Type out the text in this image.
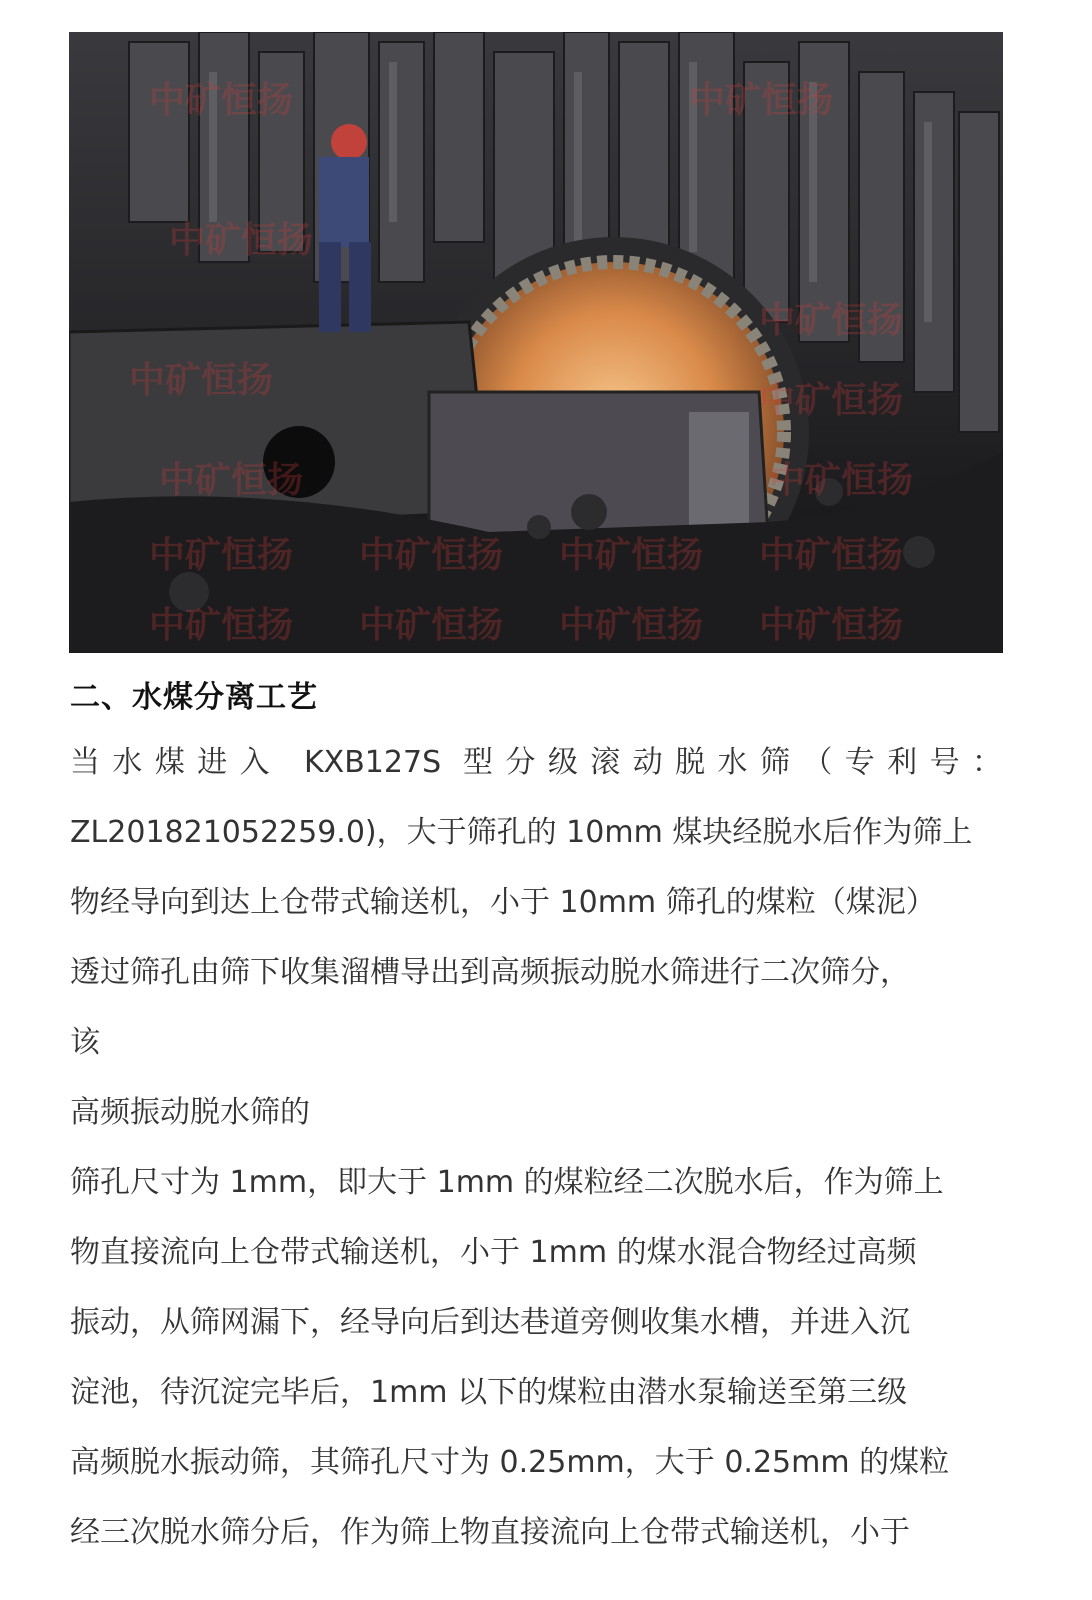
中矿恒扬	中矿恒扬
中矿恒扬
中矿恒扬
中矿恒扬	中矿恒扬
中矿恒扬	中矿恒扬
中矿恒扬 中矿恒扬 中矿恒扬 中矿恒扬
中矿恒扬 中矿恒扬 中矿恒扬 中矿恒扬
二、水煤分离工艺
当水煤进入 KXB127S 型分级滚动脱水筛（专利号：
ZL201821052259.0)，大于筛孔的 10mm 煤块经脱水后作为筛上
物经导向到达上仓带式输送机，小于 10mm 筛孔的煤粒（煤泥）
透过筛孔由筛下收集溜槽导出到高频振动脱水筛进行二次筛分，
该
高频振动脱水筛的
筛孔尺寸为 1mm，即大于 1mm 的煤粒经二次脱水后，作为筛上
物直接流向上仓带式输送机，小于 1mm 的煤水混合物经过高频
振动，从筛网漏下，经导向后到达巷道旁侧收集水槽，并进入沉
淀池，待沉淀完毕后，1mm 以下的煤粒由潜水泵输送至第三级
高频脱水振动筛，其筛孔尺寸为 0.25mm，大于 0.25mm 的煤粒
经三次脱水筛分后，作为筛上物直接流向上仓带式输送机，小于
